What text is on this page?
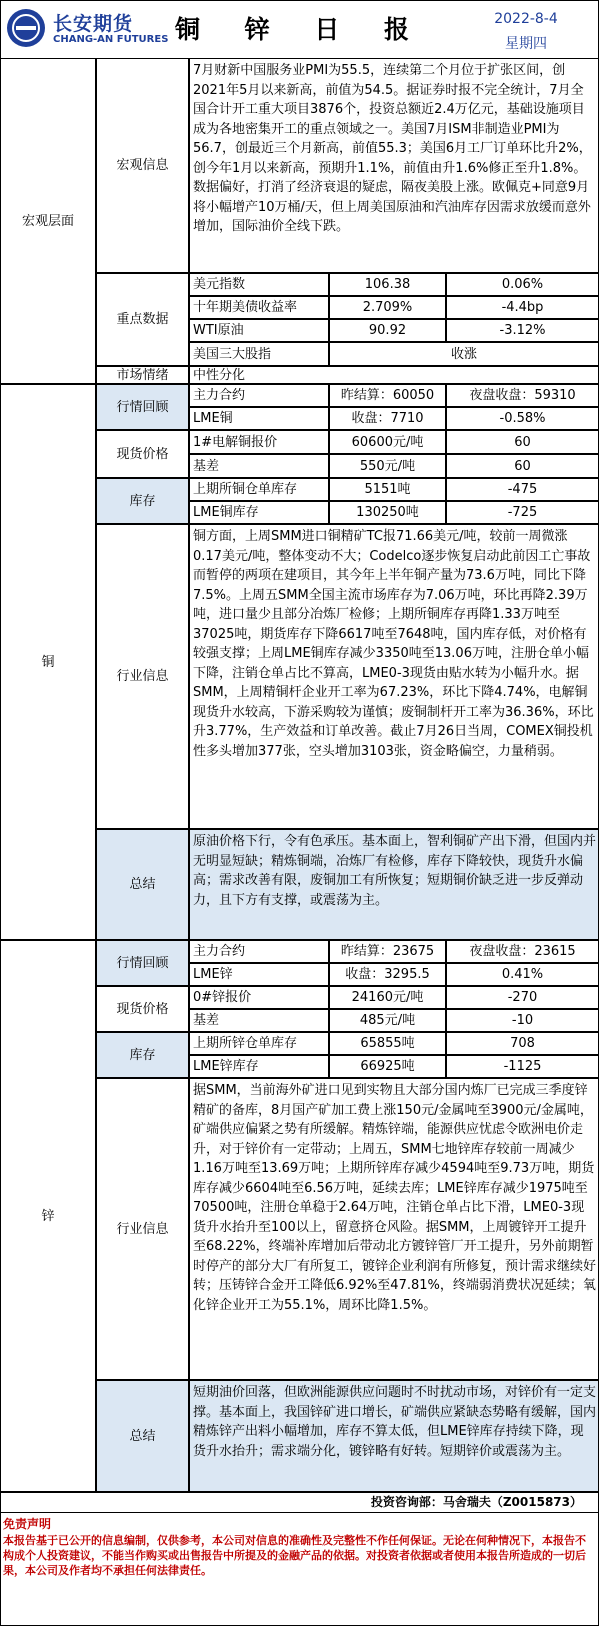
长安期货
CHANG-AN FUTURES 铜 锌 日 报	2022-8-4
星期四
宏观层面
宏观信息
7月财新中国服务业PMI为55.5，连续第二个月位于扩张区间，创2021年5月以来新高，前值为54.5。据证券时报不完全统计，7月全国合计开工重大项目3876个，投资总额近2.4万亿元，基础设施项目成为各地密集开工的重点领域之一。美国7月ISM非制造业PMI为56.7，创最近三个月新高，前值55.3；美国6月工厂订单环比升2%，创今年1月以来新高，预期升1.1%，前值由升1.6%修正至升1.8%。数据偏好，打消了经济衰退的疑虑，隔夜美股上涨。欧佩克+同意9月将小幅增产10万桶/天，但上周美国原油和汽油库存因需求放缓而意外增加，国际油价全线下跌。
重点数据
美元指数	106.38	0.06%
十年期美债收益率	2.709%	-4.4bp
WTI原油	90.92	-3.12%
美国三大股指	收涨
市场情绪	中性分化
铜
行情回顾
主力合约	昨结算：60050	夜盘收盘：59310
LME铜	收盘：7710	-0.58%
现货价格
1#电解铜报价	60600元/吨	60
基差	550元/吨	60
库存
上期所铜仓单库存	5151吨	-475
LME铜库存	130250吨	-725
行业信息
铜方面，上周SMM进口铜精矿TC报71.66美元/吨，较前一周微涨0.17美元/吨，整体变动不大；Codelco逐步恢复启动此前因工亡事故而暂停的两项在建项目，其今年上半年铜产量为73.6万吨，同比下降7.5%。上周五SMM全国主流市场库存为7.06万吨，环比再降2.39万吨，进口量少且部分冶炼厂检修；上期所铜库存再降1.33万吨至37025吨，期货库存下降6617吨至7648吨，国内库存低，对价格有较强支撑；上周LME铜库存减少3350吨至13.06万吨，注册仓单小幅下降，注销仓单占比不算高，LME0-3现货由贴水转为小幅升水。据SMM，上周精铜杆企业开工率为67.23%，环比下降4.74%，电解铜现货升水较高，下游采购较为谨慎；废铜制杆开工率为36.36%，环比升3.77%，生产效益和订单改善。截止7月26日当周，COMEX铜投机性多头增加377张，空头增加3103张，资金略偏空，力量稍弱。
总结
原油价格下行，令有色承压。基本面上，智利铜矿产出下滑，但国内并无明显短缺；精炼铜端，冶炼厂有检修，库存下降较快，现货升水偏高；需求改善有限，废铜加工有所恢复；短期铜价缺乏进一步反弹动力，且下方有支撑，或震荡为主。
锌
行情回顾
主力合约	昨结算：23675	夜盘收盘：23615
LME锌	收盘：3295.5	0.41%
现货价格
0#锌报价	24160元/吨	-270
基差	485元/吨	-10
库存
上期所锌仓单库存	65855吨	708
LME锌库存	66925吨	-1125
行业信息
据SMM，当前海外矿进口见到实物且大部分国内炼厂已完成三季度锌精矿的备库，8月国产矿加工费上涨150元/金属吨至3900元/金属吨，矿端供应偏紧之势有所缓解。精炼锌端，能源供应忧虑令欧洲电价走升，对于锌价有一定带动；上周五，SMM七地锌库存较前一周减少1.16万吨至13.69万吨；上期所锌库存减少4594吨至9.73万吨，期货库存减少6604吨至6.56万吨，延续去库；LME锌库存减少1975吨至70500吨，注册仓单稳于2.64万吨，注销仓单占比下滑，LME0-3现货升水抬升至100以上，留意挤仓风险。据SMM，上周镀锌开工提升至68.22%，终端补库增加后带动北方镀锌管厂开工提升，另外前期暂时停产的部分大厂有所复工，镀锌企业利润有所修复，预计需求继续好转；压铸锌合金开工降低6.92%至47.81%，终端弱消费状况延续；氧化锌企业开工为55.1%，周环比降1.5%。
总结
短期油价回落，但欧洲能源供应问题时不时扰动市场，对锌价有一定支撑。基本面上，我国锌矿进口增长，矿端供应紧缺态势略有缓解，国内精炼锌产出料小幅增加，库存不算太低，但LME锌库存持续下降，现货升水抬升；需求端分化，镀锌略有好转。短期锌价或震荡为主。
投资咨询部：马舍瑞夫（Z0015873）
免责声明
本报告基于已公开的信息编制，仅供参考，本公司对信息的准确性及完整性不作任何保证。无论在何种情况下，本报告不构成个人投资建议，不能当作购买或出售报告中所提及的金融产品的依据。对投资者依据或者使用本报告所造成的一切后果，本公司及作者均不承担任何法律责任。
